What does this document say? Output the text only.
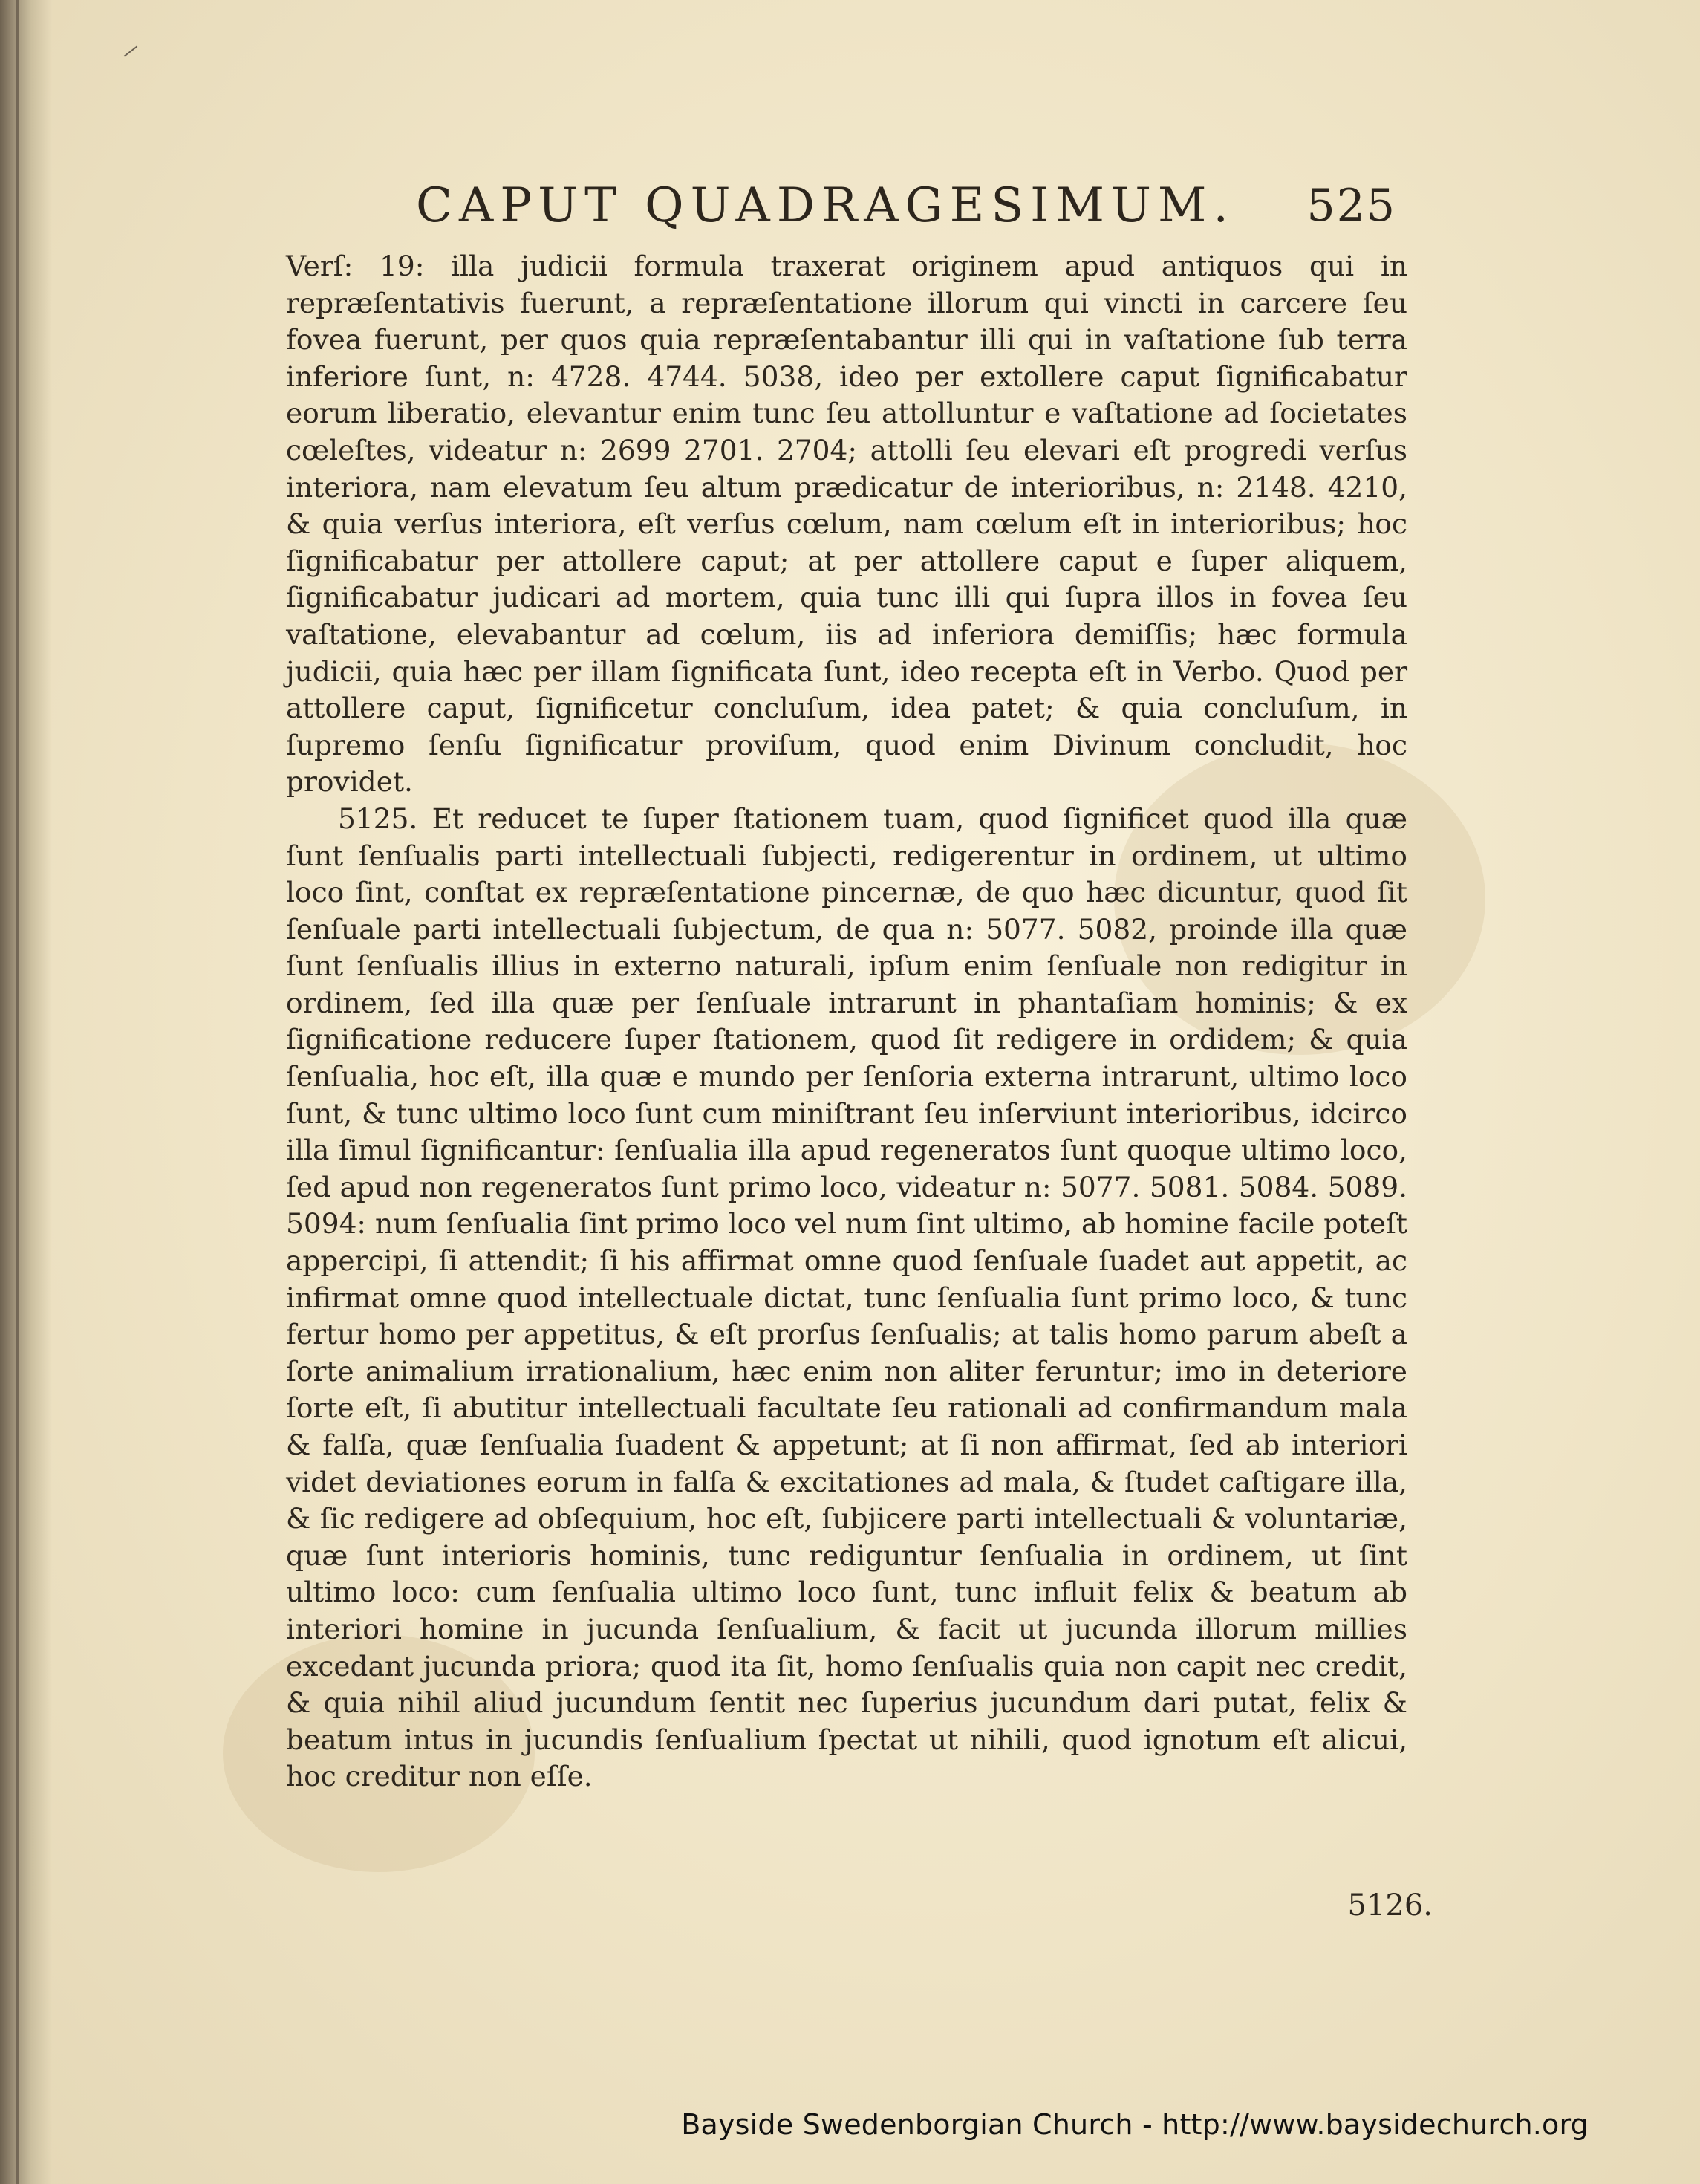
CAPUT QUADRAGESIMUM. 525

Verſ: 19: illa judicii formula traxerat originem apud antiquos qui in repræſentativis fuerunt, a repræſentatione illorum qui vincti in carcere ſeu fovea fuerunt, per quos quia repræſentabantur illi qui in vaſtatione ſub terra inferiore ſunt, n: 4728. 4744. 5038, ideo per extollere caput ſignificabatur eorum liberatio, elevantur enim tunc ſeu attolluntur e vaſtatione ad ſocietates cœleſtes, videatur n: 2699 2701. 2704; attolli ſeu elevari eſt progredi verſus interiora, nam elevatum ſeu altum prædicatur de interioribus, n: 2148. 4210, & quia verſus interiora, eſt verſus cœlum, nam cœlum eſt in interioribus; hoc ſignificabatur per attollere caput; at per attollere caput e ſuper aliquem, ſignificabatur judicari ad mortem, quia tunc illi qui ſupra illos in fovea ſeu vaſtatione, elevabantur ad cœlum, iis ad inferiora demiſſis; hæc formula judicii, quia hæc per illam ſignificata ſunt, ideo recepta eſt in Verbo. Quod per attollere caput, ſignificetur concluſum, idea patet; & quia concluſum, in ſupremo ſenſu ſignificatur proviſum, quod enim Divinum concludit, hoc providet.

5125. Et reducet te ſuper ſtationem tuam, quod ſignificet quod illa quæ ſunt ſenſualis parti intellectuali ſubjecti, redigerentur in ordinem, ut ultimo loco ſint, conſtat ex repræſentatione pincernæ, de quo hæc dicuntur, quod ſit ſenſuale parti intellectuali ſubjectum, de qua n: 5077. 5082, proinde illa quæ ſunt ſenſualis illius in externo naturali, ipſum enim ſenſuale non redigitur in ordinem, ſed illa quæ per ſenſuale intrarunt in phantaſiam hominis; & ex ſignificatione reducere ſuper ſtationem, quod ſit redigere in ordidem; & quia ſenſualia, hoc eſt, illa quæ e mundo per ſenſoria externa intrarunt, ultimo loco ſunt, & tunc ultimo loco ſunt cum miniſtrant ſeu inſerviunt interioribus, idcirco illa ſimul ſignificantur: ſenſualia illa apud regeneratos ſunt quoque ultimo loco, ſed apud non regeneratos ſunt primo loco, videatur n: 5077. 5081. 5084. 5089. 5094: num ſenſualia ſint primo loco vel num ſint ultimo, ab homine facile poteſt appercipi, ſi attendit; ſi his affirmat omne quod ſenſuale ſuadet aut appetit, ac infirmat omne quod intellectuale dictat, tunc ſenſualia ſunt primo loco, & tunc fertur homo per appetitus, & eſt prorſus ſenſualis; at talis homo parum abeſt a ſorte animalium irrationalium, hæc enim non aliter feruntur; imo in deteriore ſorte eſt, ſi abutitur intellectuali facultate ſeu rationali ad confirmandum mala & falſa, quæ ſenſualia ſuadent & appetunt; at ſi non affirmat, ſed ab interiori videt deviationes eorum in falſa & excitationes ad mala, & ſtudet caſtigare illa, & ſic redigere ad obſequium, hoc eſt, ſubjicere parti intellectuali & voluntariæ, quæ ſunt interioris hominis, tunc rediguntur ſenſualia in ordinem, ut ſint ultimo loco: cum ſenſualia ultimo loco ſunt, tunc influit felix & beatum ab interiori homine in jucunda ſenſualium, & facit ut jucunda illorum millies excedant jucunda priora; quod ita ſit, homo ſenſualis quia non capit nec credit, & quia nihil aliud jucundum ſentit nec ſuperius jucundum dari putat, felix & beatum intus in jucundis ſenſualium ſpectat ut nihili, quod ignotum eſt alicui, hoc creditur non eſſe.

5126.
Bayside Swedenborgian Church - http://www.baysidechurch.org
